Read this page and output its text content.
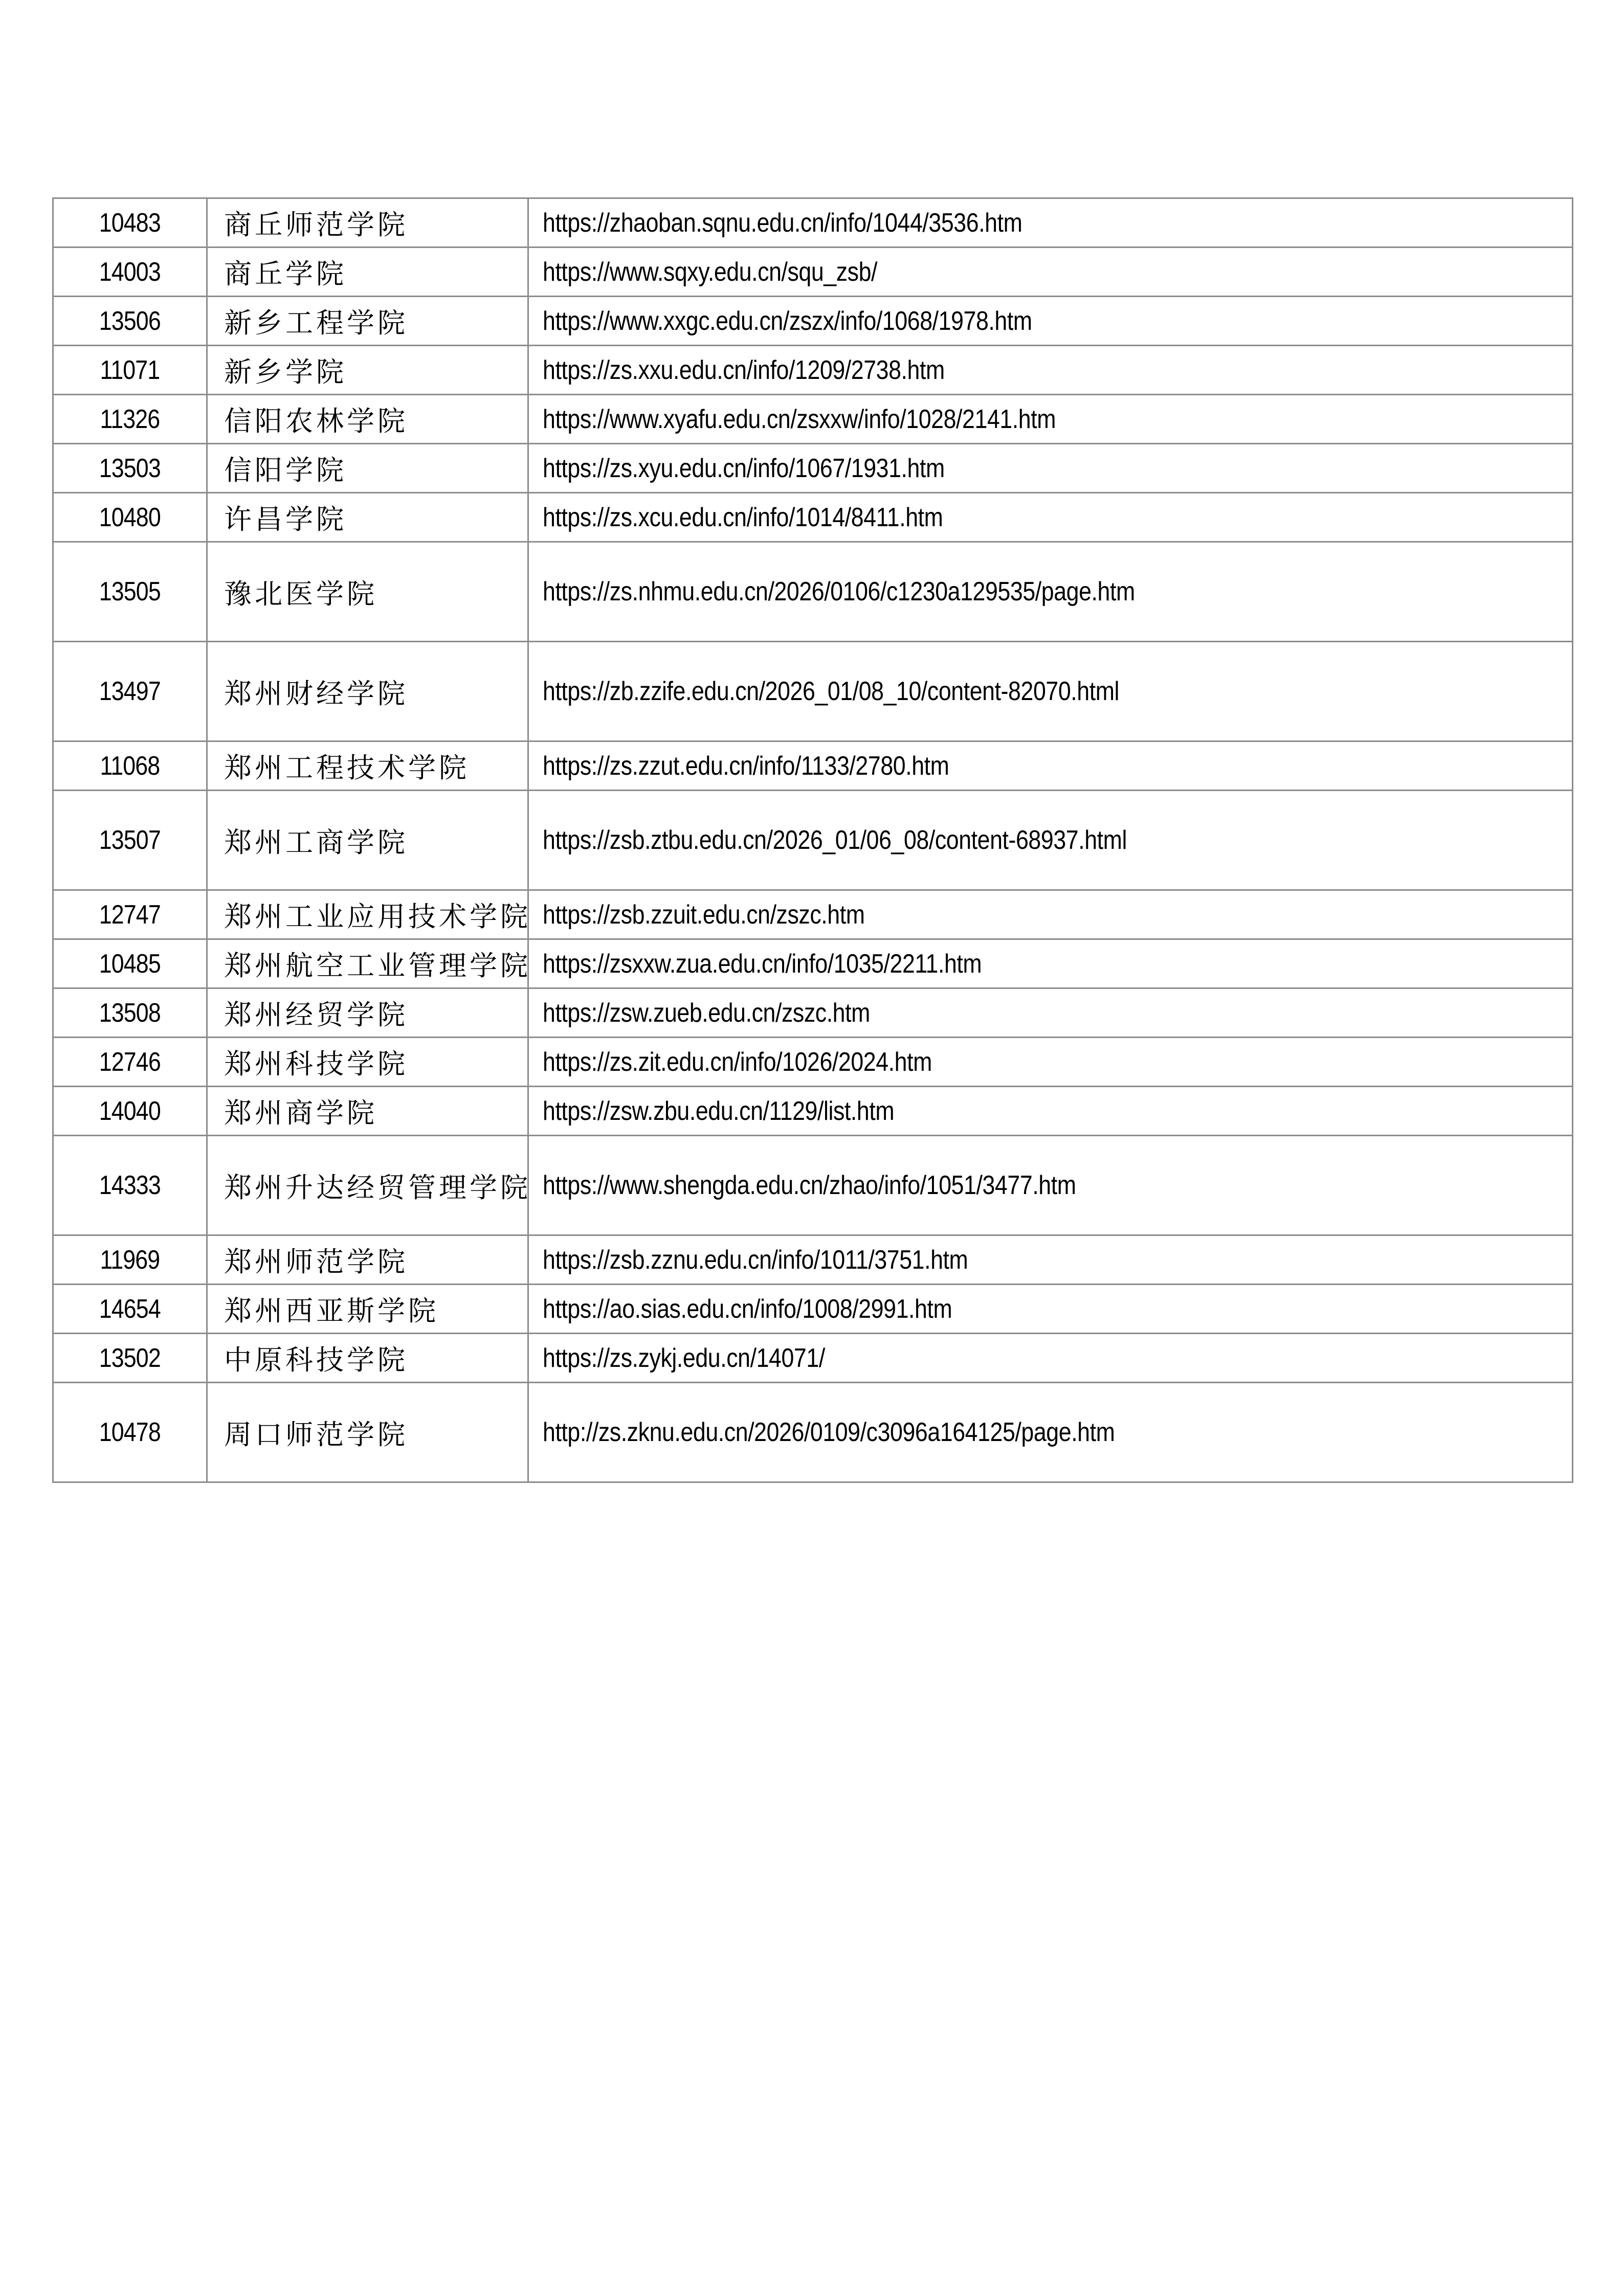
10483	商丘师范学院	https://zhaoban.sqnu.edu.cn/info/1044/3536.htm
14003	商丘学院	https://www.sqxy.edu.cn/squ_zsb/
13506	新乡工程学院	https://www.xxgc.edu.cn/zszx/info/1068/1978.htm
11071	新乡学院	https://zs.xxu.edu.cn/info/1209/2738.htm
11326	信阳农林学院	https://www.xyafu.edu.cn/zsxxw/info/1028/2141.htm
13503	信阳学院	https://zs.xyu.edu.cn/info/1067/1931.htm
10480	许昌学院	https://zs.xcu.edu.cn/info/1014/8411.htm
13505	豫北医学院	https://zs.nhmu.edu.cn/2026/0106/c1230a129535/page.htm
13497	郑州财经学院	https://zb.zzife.edu.cn/2026_01/08_10/content-82070.html
11068	郑州工程技术学院	https://zs.zzut.edu.cn/info/1133/2780.htm
13507	郑州工商学院	https://zsb.ztbu.edu.cn/2026_01/06_08/content-68937.html
12747	郑州工业应用技术学院	https://zsb.zzuit.edu.cn/zszc.htm
10485	郑州航空工业管理学院	https://zsxxw.zua.edu.cn/info/1035/2211.htm
13508	郑州经贸学院	https://zsw.zueb.edu.cn/zszc.htm
12746	郑州科技学院	https://zs.zit.edu.cn/info/1026/2024.htm
14040	郑州商学院	https://zsw.zbu.edu.cn/1129/list.htm
14333	郑州升达经贸管理学院	https://www.shengda.edu.cn/zhao/info/1051/3477.htm
11969	郑州师范学院	https://zsb.zznu.edu.cn/info/1011/3751.htm
14654	郑州西亚斯学院	https://ao.sias.edu.cn/info/1008/2991.htm
13502	中原科技学院	https://zs.zykj.edu.cn/14071/
10478	周口师范学院	http://zs.zknu.edu.cn/2026/0109/c3096a164125/page.htm
